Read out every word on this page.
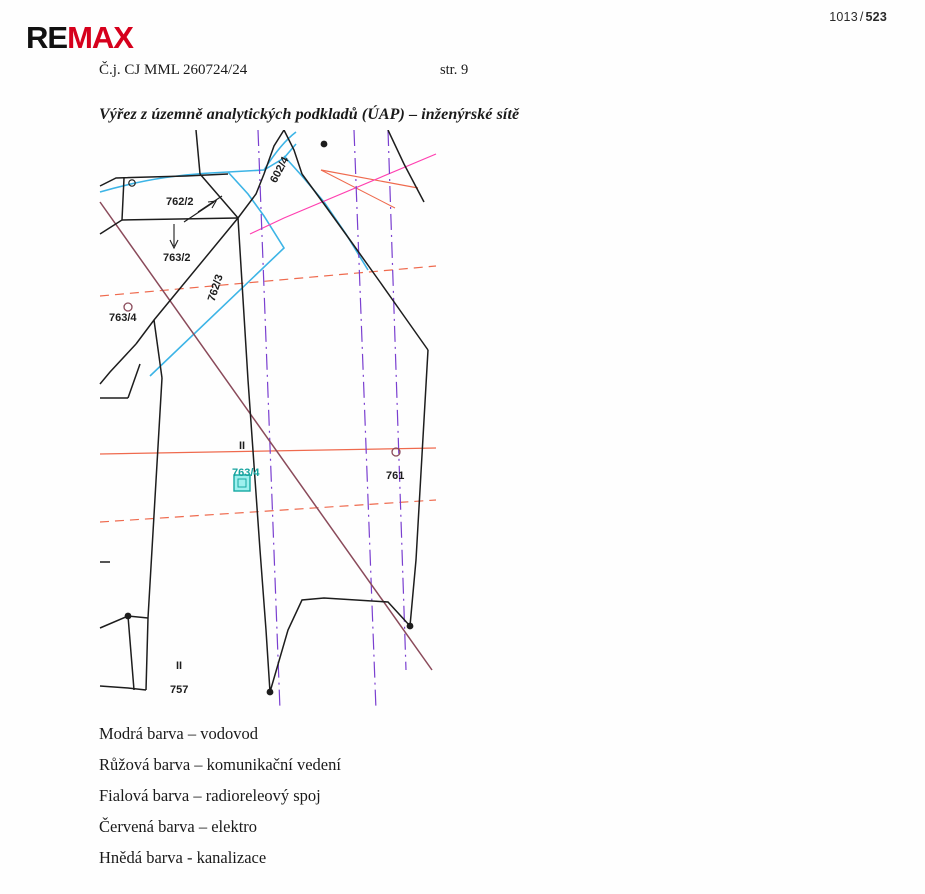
1013 / 523
REMAX
Č.j. CJ MML 260724/24	str. 9
Výřez z územně analytických podkladů (ÚAP) – inženýrské sítě
602/4
762/2
763/2
762/3
763/4
763/4	761
757
II
II
Modrá barva – vodovod
Růžová barva – komunikační vedení
Fialová barva – radioreleový spoj
Červená barva – elektro
Hnědá barva - kanalizace
